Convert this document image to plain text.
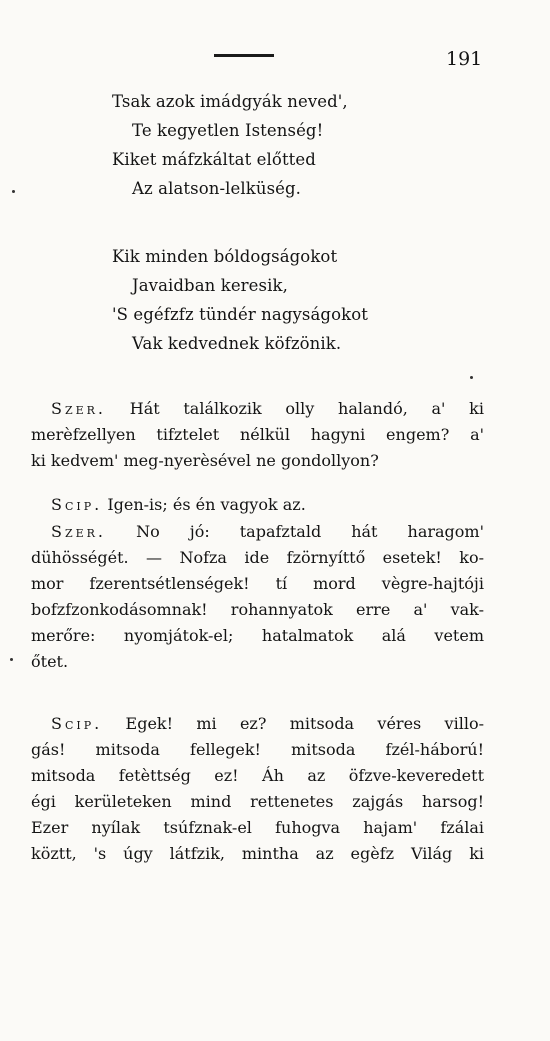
191
Tsak azok imádgyák neved',
Te kegyetlen Istenség!
Kiket máfzkáltat előtted
Az alatson-lelküség.
Kik minden bóldogságokot
Javaidban keresik,
'S egéfzfz tündér nagyságokot
Vak kedvednek köfzönik.
Szer. Hát találkozik olly halandó, a' ki
merèfzellyen tifztelet nélkül hagyni engem? a'
ki kedvem' meg-nyerèsével ne gondollyon?
Scip. Igen-is; és én vagyok az.
Szer. No jó: tapafztald hát haragom'
dühösségét. — Nofza ide fzörnyíttő esetek! ko-
mor fzerentsétlenségek! tí mord vègre-hajtóji
bofzfzonkodásomnak! rohannyatok erre a' vak-
merőre: nyomjátok-el; hatalmatok alá vetem
őtet.
Scip. Egek! mi ez? mitsoda véres villo-
gás! mitsoda fellegek! mitsoda fzél-háború!
mitsoda fetèttség ez! Áh az öfzve-keveredett
égi kerületeken mind rettenetes zajgás harsog!
Ezer nyílak tsúfznak-el fuhogva hajam' fzálai
köztt, 's úgy látfzik, mintha az egèfz Világ ki
